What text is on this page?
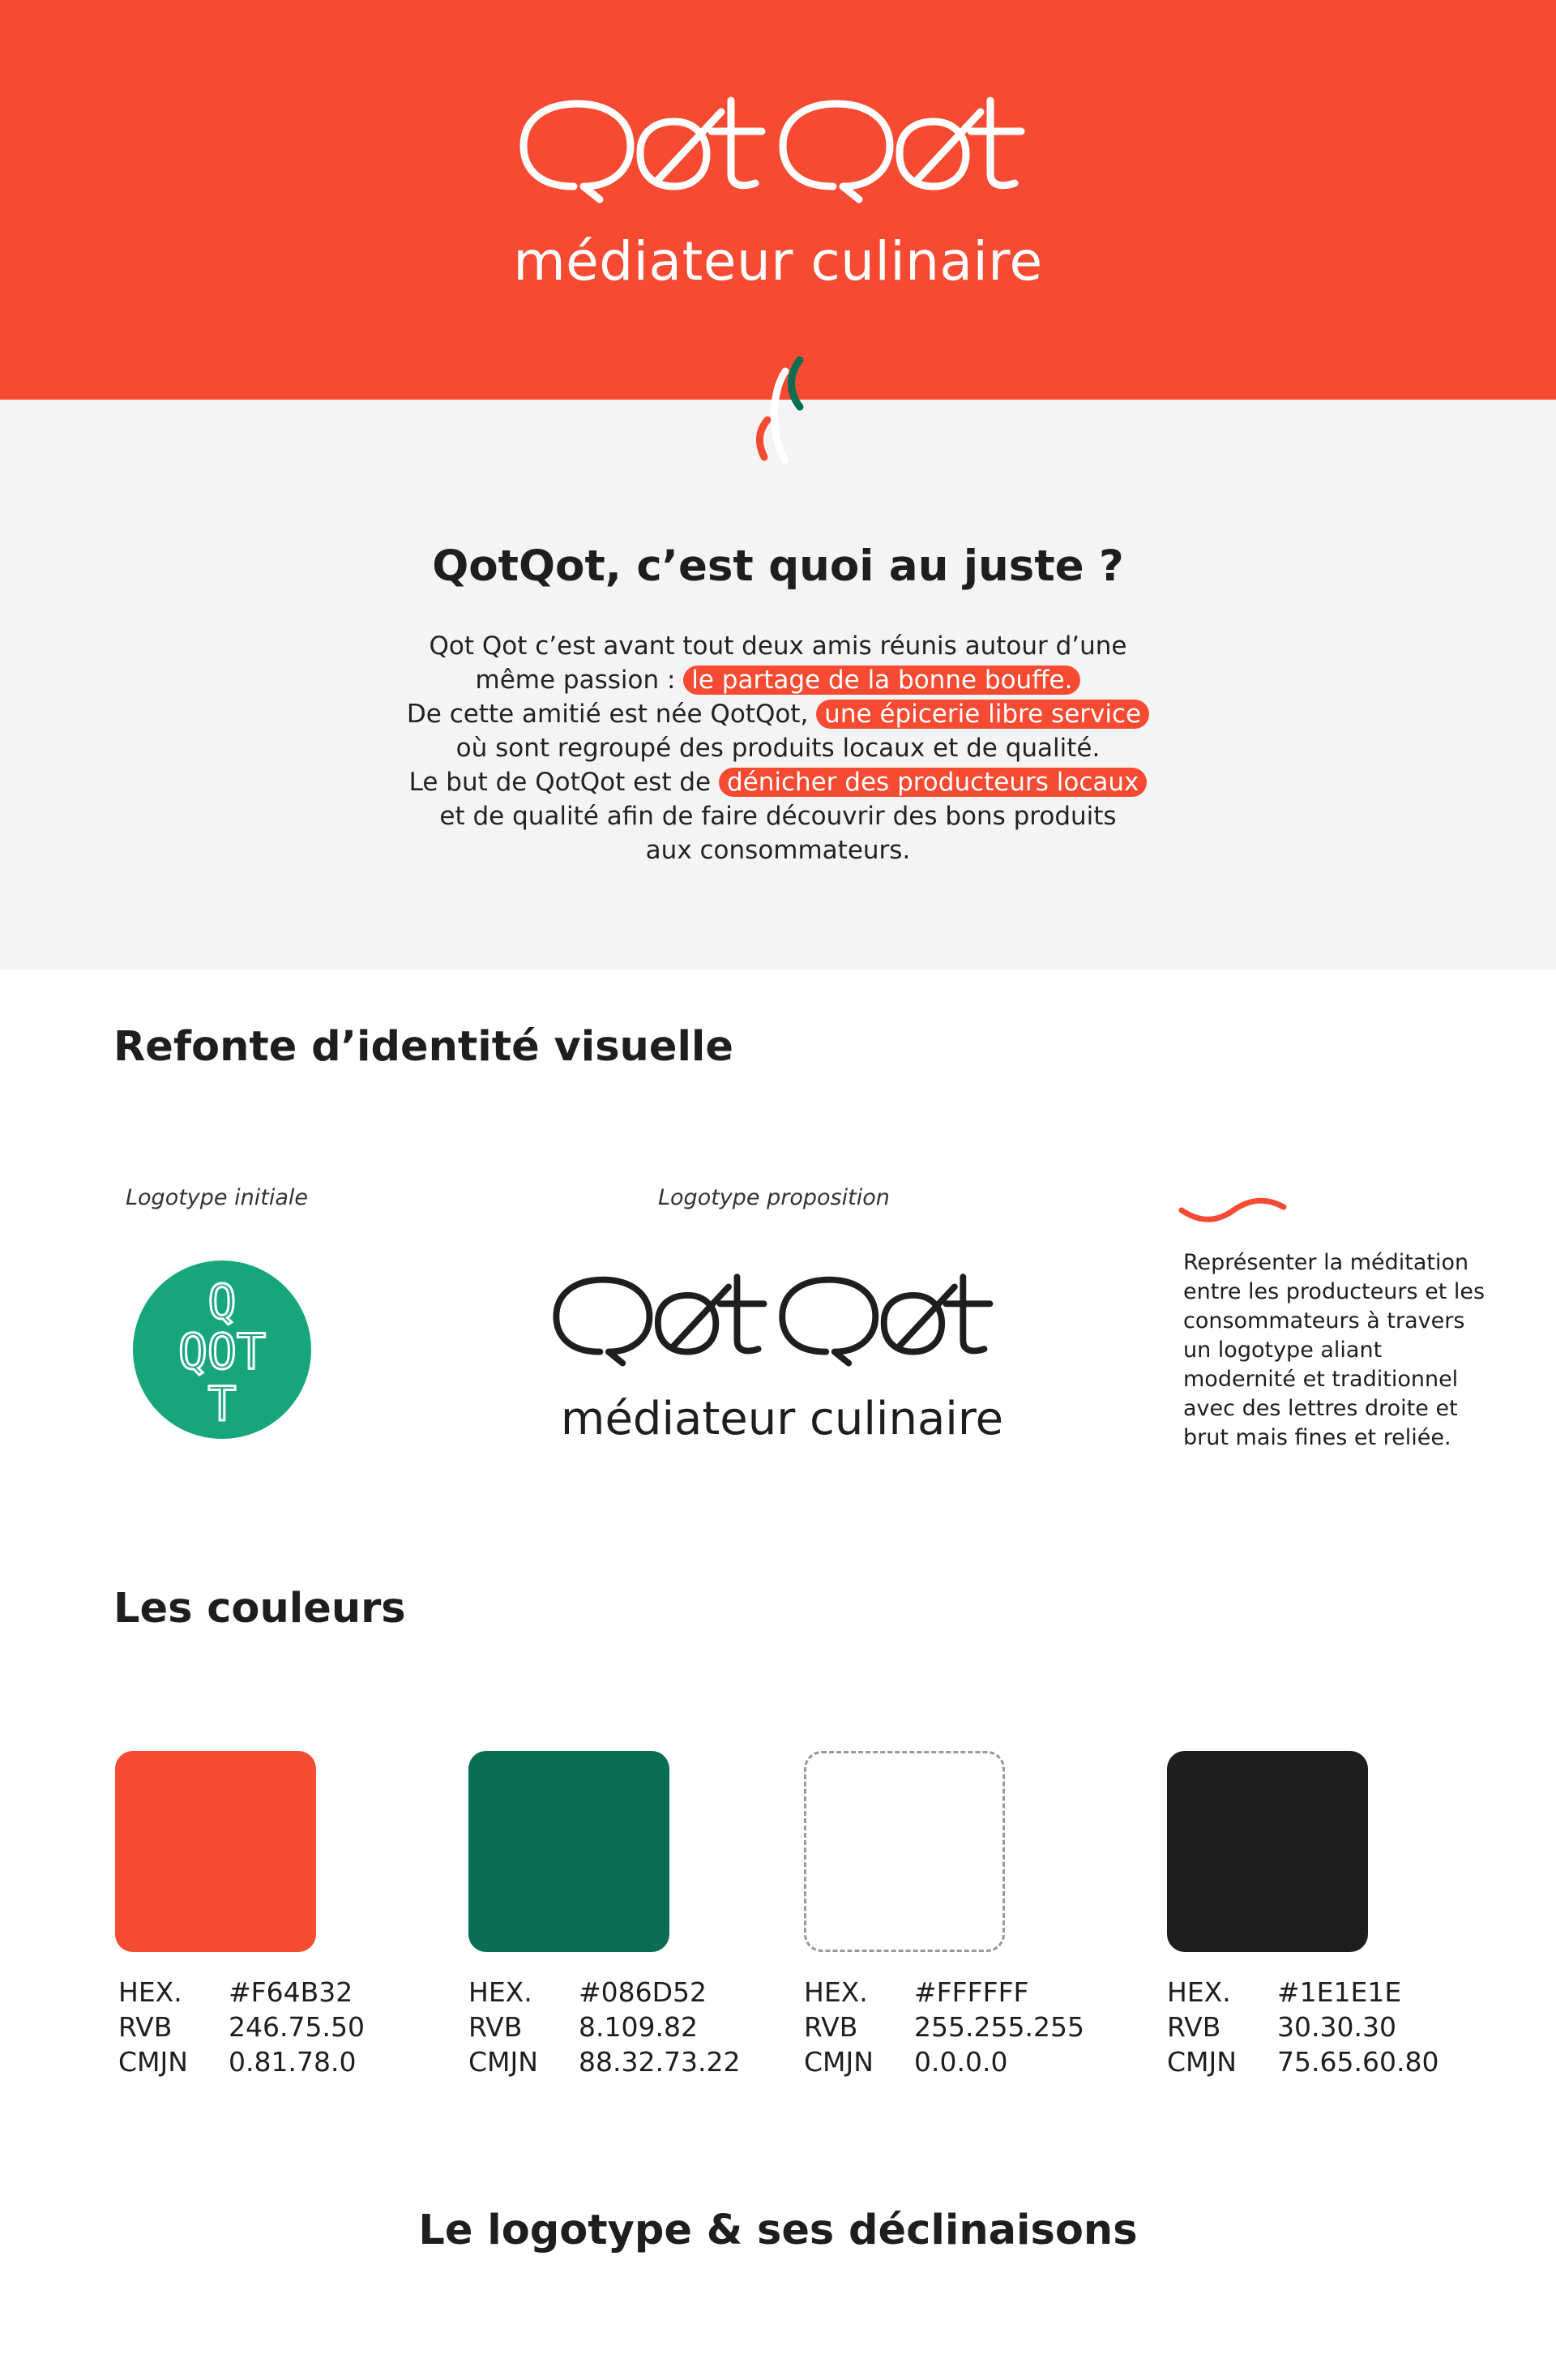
médiateur culinaire
QotQot, c’est quoi au juste ?
Qot Qot c’est avant tout deux amis réunis autour d’une
même passion : le partage de la bonne bouffe.
De cette amitié est née QotQot, une épicerie libre service
où sont regroupé des produits locaux et de qualité.
Le but de QotQot est de dénicher des producteurs locaux
et de qualité afin de faire découvrir des bons produits
aux consommateurs.
Refonte d’identité visuelle
Logotype initiale	Logotype proposition
Q
QOT
T	médiateur culinaire
Représenter la méditation entre les producteurs et les consommateurs à travers un logotype aliant modernité et traditionnel avec des lettres droite et brut mais fines et reliée.
Les couleurs
HEX.	#F64B32
RVB	246.75.50
CMJN	0.81.78.0
HEX.	#086D52
RVB	8.109.82
CMJN	88.32.73.22
HEX.	#FFFFFF
RVB	255.255.255
CMJN	0.0.0.0
HEX.	#1E1E1E
RVB	30.30.30
CMJN	75.65.60.80
Le logotype & ses déclinaisons
